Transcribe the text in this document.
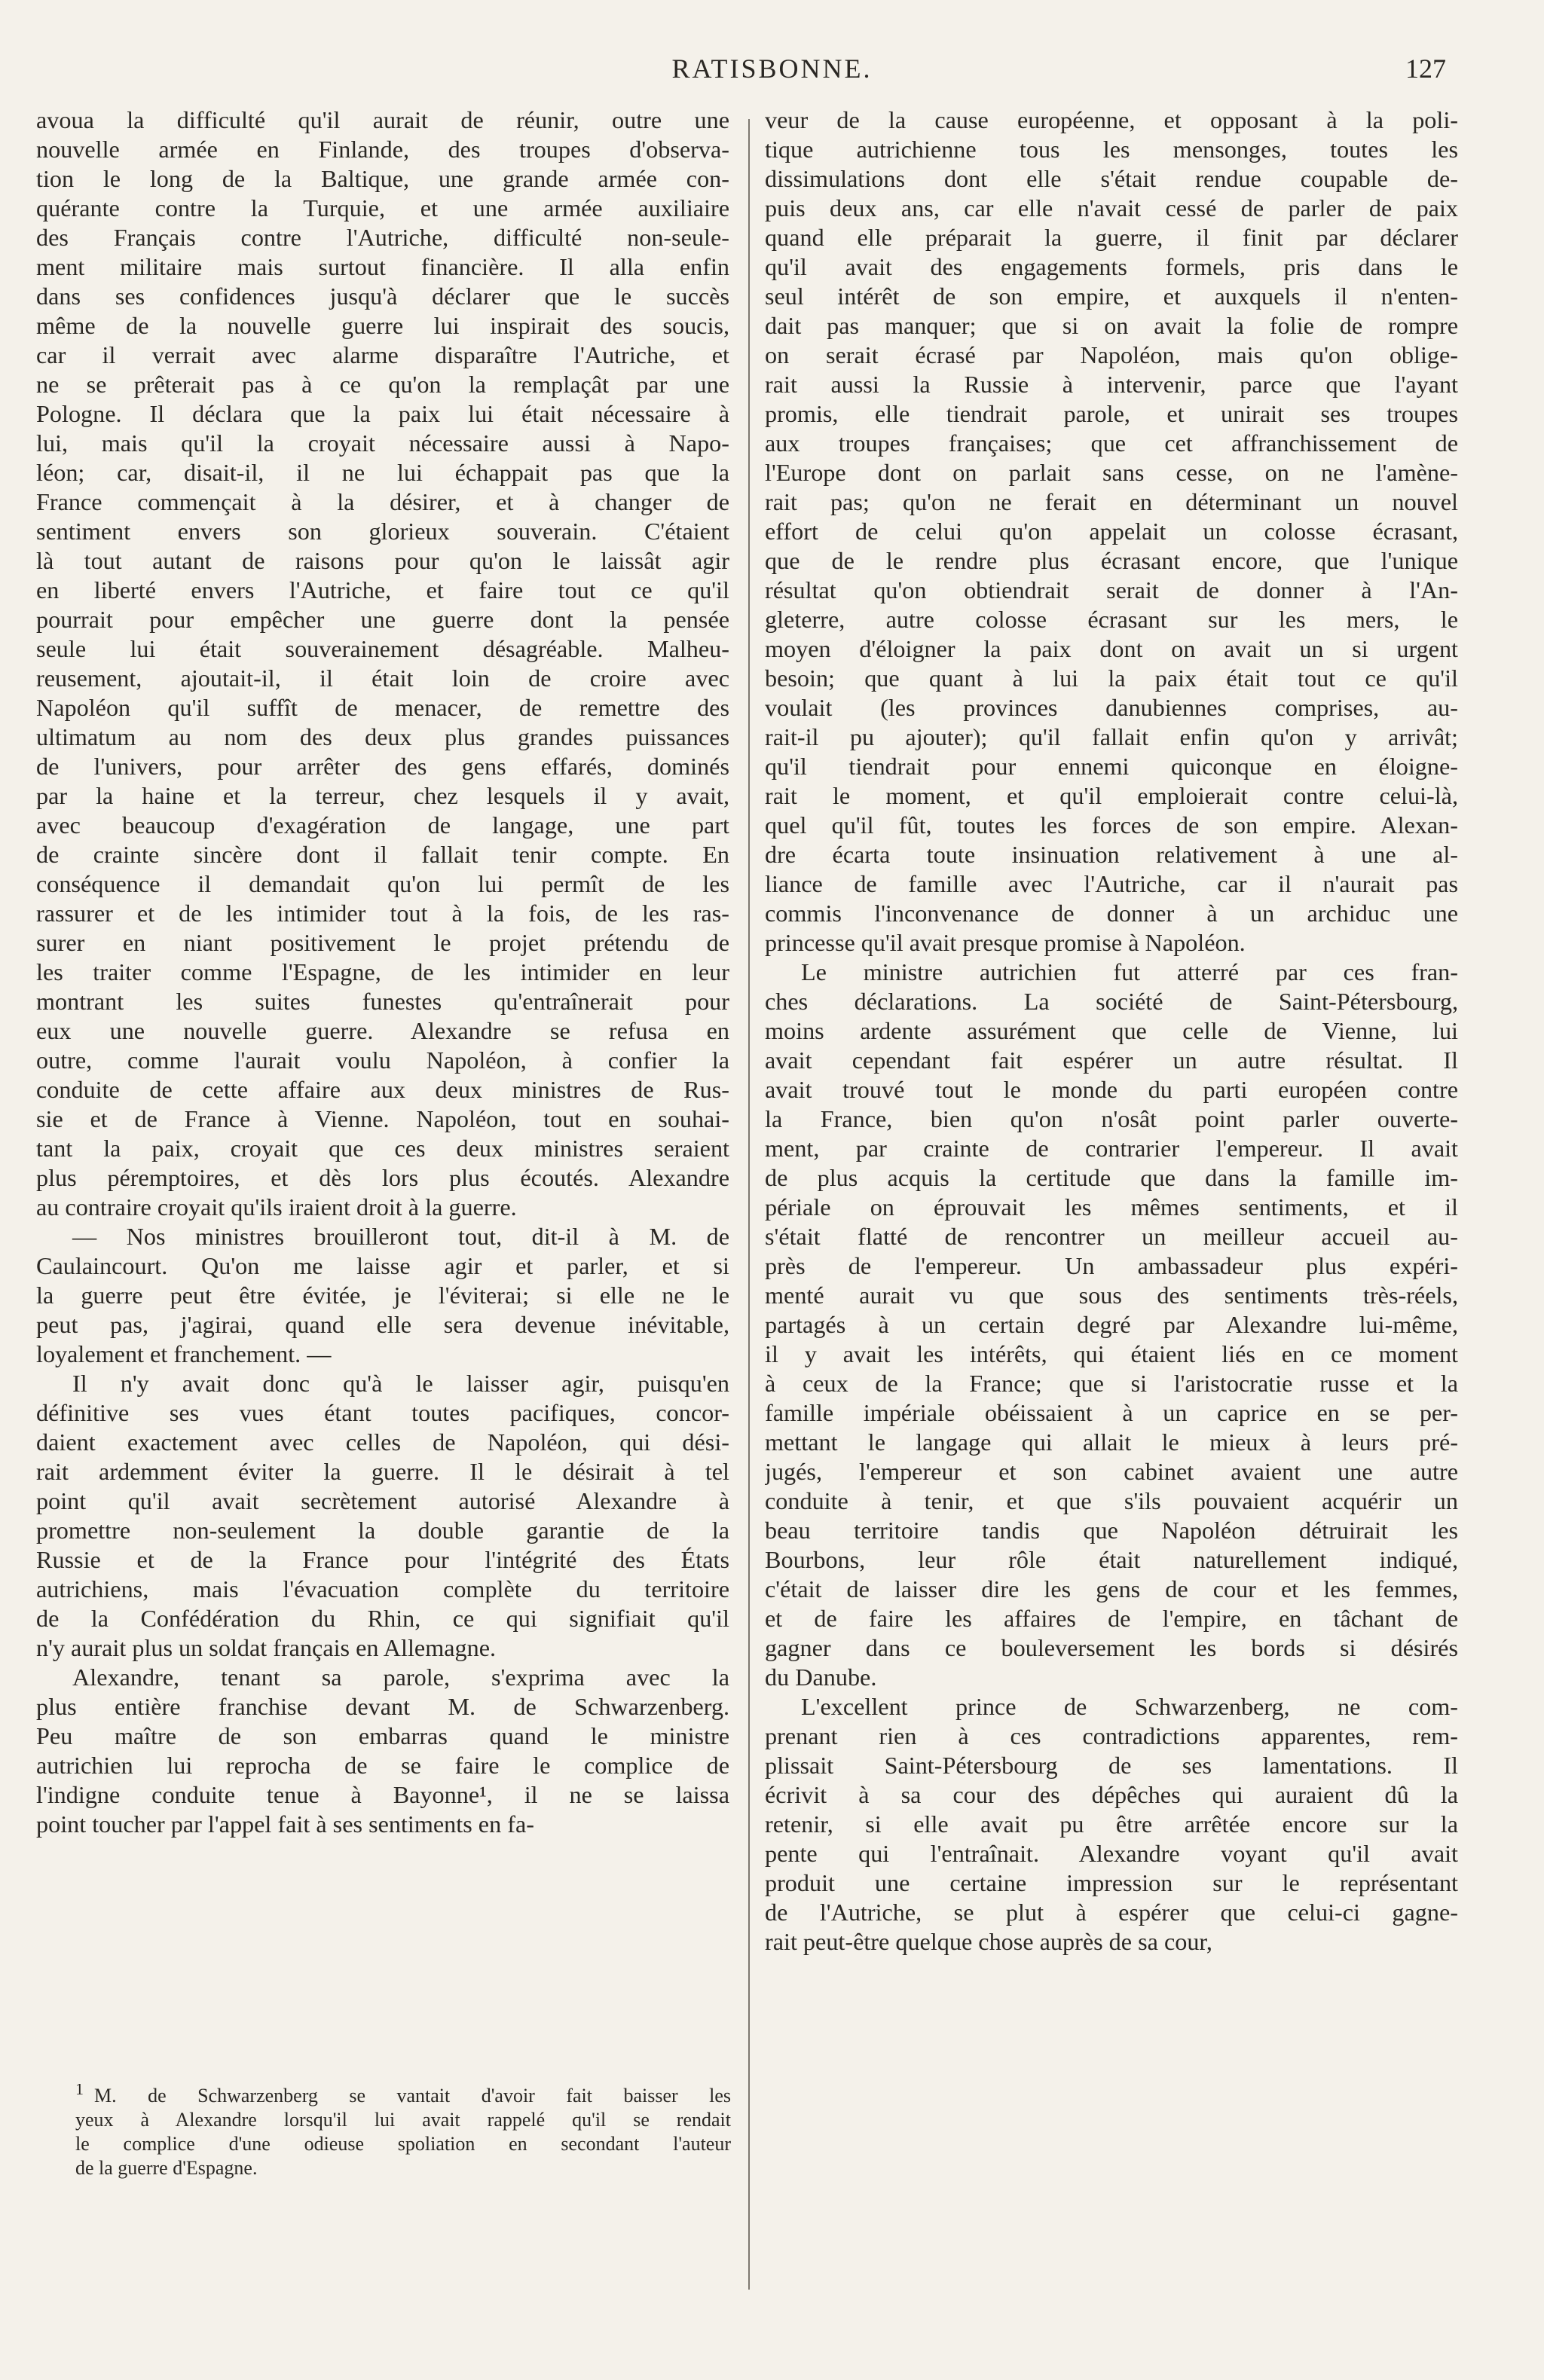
RATISBONNE.	127
avoua la difficulté qu'il aurait de réunir, outre une
nouvelle armée en Finlande, des troupes d'observa-
tion le long de la Baltique, une grande armée con-
quérante contre la Turquie, et une armée auxiliaire
des Français contre l'Autriche, difficulté non-seule-
ment militaire mais surtout financière. Il alla enfin
dans ses confidences jusqu'à déclarer que le succès
même de la nouvelle guerre lui inspirait des soucis,
car il verrait avec alarme disparaître l'Autriche, et
ne se prêterait pas à ce qu'on la remplaçât par une
Pologne. Il déclara que la paix lui était nécessaire à
lui, mais qu'il la croyait nécessaire aussi à Napo-
léon; car, disait-il, il ne lui échappait pas que la
France commençait à la désirer, et à changer de
sentiment envers son glorieux souverain. C'étaient
là tout autant de raisons pour qu'on le laissât agir
en liberté envers l'Autriche, et faire tout ce qu'il
pourrait pour empêcher une guerre dont la pensée
seule lui était souverainement désagréable. Malheu-
reusement, ajoutait-il, il était loin de croire avec
Napoléon qu'il suffît de menacer, de remettre des
ultimatum au nom des deux plus grandes puissances
de l'univers, pour arrêter des gens effarés, dominés
par la haine et la terreur, chez lesquels il y avait,
avec beaucoup d'exagération de langage, une part
de crainte sincère dont il fallait tenir compte. En
conséquence il demandait qu'on lui permît de les
rassurer et de les intimider tout à la fois, de les ras-
surer en niant positivement le projet prétendu de
les traiter comme l'Espagne, de les intimider en leur
montrant les suites funestes qu'entraînerait pour
eux une nouvelle guerre. Alexandre se refusa en
outre, comme l'aurait voulu Napoléon, à confier la
conduite de cette affaire aux deux ministres de Rus-
sie et de France à Vienne. Napoléon, tout en souhai-
tant la paix, croyait que ces deux ministres seraient
plus péremptoires, et dès lors plus écoutés. Alexandre
au contraire croyait qu'ils iraient droit à la guerre.
— Nos ministres brouilleront tout, dit-il à M. de
Caulaincourt. Qu'on me laisse agir et parler, et si
la guerre peut être évitée, je l'éviterai; si elle ne le
peut pas, j'agirai, quand elle sera devenue inévitable,
loyalement et franchement. —
Il n'y avait donc qu'à le laisser agir, puisqu'en
définitive ses vues étant toutes pacifiques, concor-
daient exactement avec celles de Napoléon, qui dési-
rait ardemment éviter la guerre. Il le désirait à tel
point qu'il avait secrètement autorisé Alexandre à
promettre non-seulement la double garantie de la
Russie et de la France pour l'intégrité des États
autrichiens, mais l'évacuation complète du territoire
de la Confédération du Rhin, ce qui signifiait qu'il
n'y aurait plus un soldat français en Allemagne.
Alexandre, tenant sa parole, s'exprima avec la
plus entière franchise devant M. de Schwarzenberg.
Peu maître de son embarras quand le ministre
autrichien lui reprocha de se faire le complice de
l'indigne conduite tenue à Bayonne¹, il ne se laissa
point toucher par l'appel fait à ses sentiments en fa-
veur de la cause européenne, et opposant à la poli-
tique autrichienne tous les mensonges, toutes les
dissimulations dont elle s'était rendue coupable de-
puis deux ans, car elle n'avait cessé de parler de paix
quand elle préparait la guerre, il finit par déclarer
qu'il avait des engagements formels, pris dans le
seul intérêt de son empire, et auxquels il n'enten-
dait pas manquer; que si on avait la folie de rompre
on serait écrasé par Napoléon, mais qu'on oblige-
rait aussi la Russie à intervenir, parce que l'ayant
promis, elle tiendrait parole, et unirait ses troupes
aux troupes françaises; que cet affranchissement de
l'Europe dont on parlait sans cesse, on ne l'amène-
rait pas; qu'on ne ferait en déterminant un nouvel
effort de celui qu'on appelait un colosse écrasant,
que de le rendre plus écrasant encore, que l'unique
résultat qu'on obtiendrait serait de donner à l'An-
gleterre, autre colosse écrasant sur les mers, le
moyen d'éloigner la paix dont on avait un si urgent
besoin; que quant à lui la paix était tout ce qu'il
voulait (les provinces danubiennes comprises, au-
rait-il pu ajouter); qu'il fallait enfin qu'on y arrivât;
qu'il tiendrait pour ennemi quiconque en éloigne-
rait le moment, et qu'il emploierait contre celui-là,
quel qu'il fût, toutes les forces de son empire. Alexan-
dre écarta toute insinuation relativement à une al-
liance de famille avec l'Autriche, car il n'aurait pas
commis l'inconvenance de donner à un archiduc une
princesse qu'il avait presque promise à Napoléon.
Le ministre autrichien fut atterré par ces fran-
ches déclarations. La société de Saint-Pétersbourg,
moins ardente assurément que celle de Vienne, lui
avait cependant fait espérer un autre résultat. Il
avait trouvé tout le monde du parti européen contre
la France, bien qu'on n'osât point parler ouverte-
ment, par crainte de contrarier l'empereur. Il avait
de plus acquis la certitude que dans la famille im-
périale on éprouvait les mêmes sentiments, et il
s'était flatté de rencontrer un meilleur accueil au-
près de l'empereur. Un ambassadeur plus expéri-
menté aurait vu que sous des sentiments très-réels,
partagés à un certain degré par Alexandre lui-même,
il y avait les intérêts, qui étaient liés en ce moment
à ceux de la France; que si l'aristocratie russe et la
famille impériale obéissaient à un caprice en se per-
mettant le langage qui allait le mieux à leurs pré-
jugés, l'empereur et son cabinet avaient une autre
conduite à tenir, et que s'ils pouvaient acquérir un
beau territoire tandis que Napoléon détruirait les
Bourbons, leur rôle était naturellement indiqué,
c'était de laisser dire les gens de cour et les femmes,
et de faire les affaires de l'empire, en tâchant de
gagner dans ce bouleversement les bords si désirés
du Danube.
L'excellent prince de Schwarzenberg, ne com-
prenant rien à ces contradictions apparentes, rem-
plissait Saint-Pétersbourg de ses lamentations. Il
écrivit à sa cour des dépêches qui auraient dû la
retenir, si elle avait pu être arrêtée encore sur la
pente qui l'entraînait. Alexandre voyant qu'il avait
produit une certaine impression sur le représentant
de l'Autriche, se plut à espérer que celui-ci gagne-
rait peut-être quelque chose auprès de sa cour,
$^1$ M. de Schwarzenberg se vantait d'avoir fait baisser les
yeux à Alexandre lorsqu'il lui avait rappelé qu'il se rendait
le complice d'une odieuse spoliation en secondant l'auteur
de la guerre d'Espagne.
